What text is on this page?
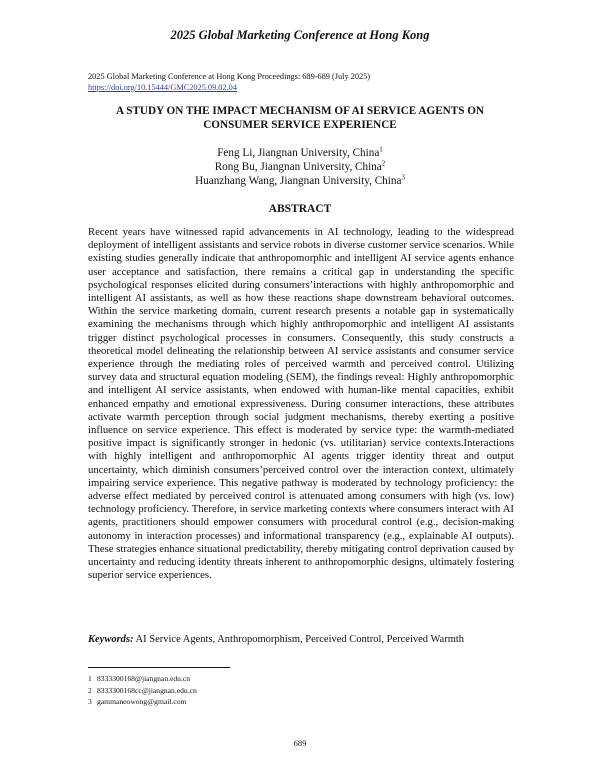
2025 Global Marketing Conference at Hong Kong
2025 Global Marketing Conference at Hong Kong Proceedings: 689-689 (July 2025)
https://doi.org/10.15444/GMC2025.09.02.04
A STUDY ON THE IMPACT MECHANISM OF AI SERVICE AGENTS ON
CONSUMER SERVICE EXPERIENCE
Feng Li, Jiangnan University, China$^1$
Rong Bu, Jiangnan University, China$^2$
Huanzhang Wang, Jiangnan University, China$^3$
ABSTRACT

Recent years have witnessed rapid advancements in AI technology, leading to the widespread deployment of intelligent assistants and service robots in diverse customer service scenarios. While existing studies generally indicate that anthropomorphic and intelligent AI service agents enhance user acceptance and satisfaction, there remains a critical gap in understanding the specific psychological responses elicited during consumers’interactions with highly anthropomorphic and intelligent AI assistants, as well as how these reactions shape downstream behavioral outcomes. Within the service marketing domain, current research presents a notable gap in systematically examining the mechanisms through which highly anthropomorphic and intelligent AI assistants trigger distinct psychological processes in consumers. Consequently, this study constructs a theoretical model delineating the relationship between AI service assistants and consumer service experience through the mediating roles of perceived warmth and perceived control. Utilizing survey data and structural equation modeling (SEM), the findings reveal: Highly anthropomorphic and intelligent AI service assistants, when endowed with human-like mental capacities, exhibit enhanced empathy and emotional expressiveness. During consumer interactions, these attributes activate warmth perception through social judgment mechanisms, thereby exerting a positive influence on service experience. This effect is moderated by service type: the warmth-mediated positive impact is significantly stronger in hedonic (vs. utilitarian) service contexts.Interactions with highly intelligent and anthropomorphic AI agents trigger identity threat and output uncertainty, which diminish consumers’perceived control over the interaction context, ultimately impairing service experience. This negative pathway is moderated by technology proficiency: the adverse effect mediated by perceived control is attenuated among consumers with high (vs. low) technology proficiency. Therefore, in service marketing contexts where consumers interact with AI agents, practitioners should empower consumers with procedural control (e.g., decision-making autonomy in interaction processes) and informational transparency (e.g., explainable AI outputs). These strategies enhance situational predictability, thereby mitigating control deprivation caused by uncertainty and reducing identity threats inherent to anthropomorphic designs, ultimately fostering superior service experiences.

Keywords: AI Service Agents, Anthropomorphism, Perceived Control, Perceived Warmth
1 8333300168@jiangnan.edu.cn
2 8333300168cc@jiangnan.edu.cn
3 gammaneowong@gmail.com
689
